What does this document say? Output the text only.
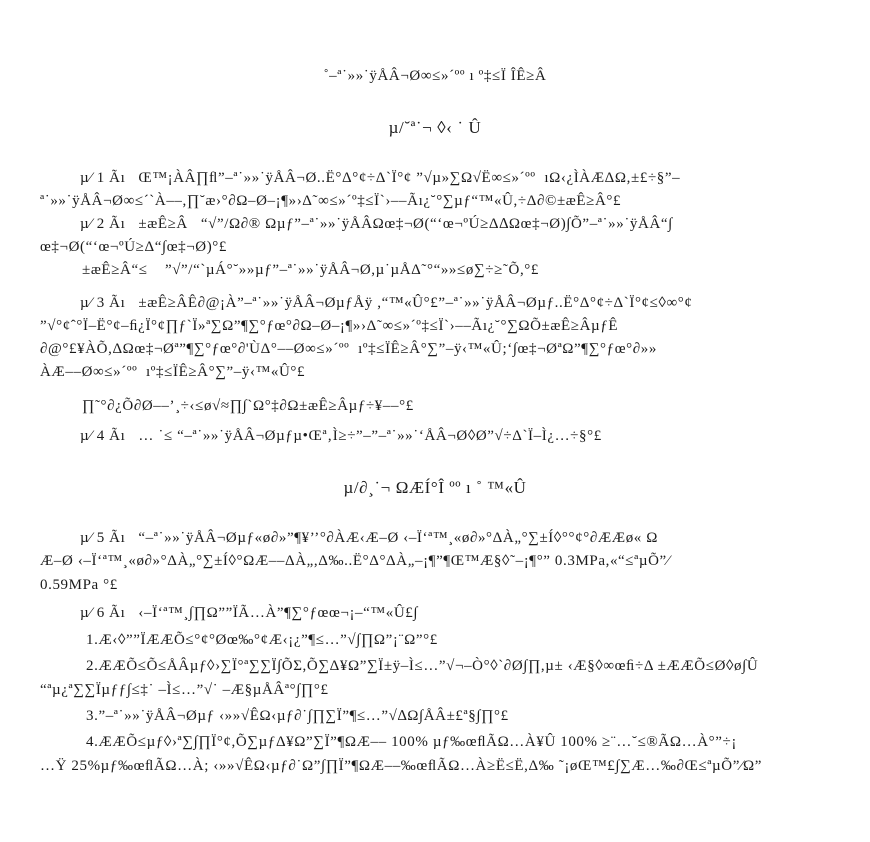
˚–ª˙»»˙ÿÅÂ¬Ø∞≤»´ºº ı º‡≤Ï ÎÊ≥Â
µ/˘ª˙¬ ◊‹ ˙ Û
µ⁄ 1 Ãı   Œ™¡ÀÂ∏ﬂ”–ª˙»»˙ÿÅÂ¬Ø..Ë°Δ°¢÷Δ`Ï°¢ ”√µ»∑Ω√Ë∞≤»´ºº  ıΩ‹¿ÌÀÆΔΩ,±£÷§”–
ª˙»»˙ÿÅÂ¬Ø∞≤´`À––,∏˘æ›°∂Ω–Ø–¡¶»›Δ˜∞≤»´º‡≤Ï`›––Ãı¿˘°∑µƒ“™«Û,÷Δ∂©±æÊ≥Â°£
µ⁄ 2 Ãı   ±æÊ≥Â   “√”/Ω∂® Ωµƒ”–ª˙»»˙ÿÅÂΩœ‡¬Ø(“‘œ¬ºÚ≥Δ∆Ωœ‡¬Ø)∫Õ”–ª˙»»˙ÿÅÂ“∫
œ‡¬Ø(“‘œ¬ºÚ≥Δ“∫œ‡¬Ø)°£
±æÊ≥Â“≤    ”√”/“`µÁ°˘»»µƒ”–ª˙»»˙ÿÅÂ¬Ø,µ˙µÅΔ˜°“»»≤ø∑÷≥˜Õ,°£
µ⁄ 3 Ãı   ±æÊ≥ÂÊ∂@¡À”–ª˙»»˙ÿÅÂ¬ØµƒÅÿ ,“™«Û°£”–ª˙»»˙ÿÅÂ¬Øµƒ..Ë°Δ°¢÷Δ`Ï°¢≤◊∞°¢
”√°¢ˆ°Ï–Ë°¢–ﬁ¿Ï°¢∏ƒ`Ï͏»ª∑Ω”¶∑°ƒœ°∂Ω–Ø–¡¶»›Δ˜∞≤»´º‡≤Ï`›––Ãı¿˘°∑ΩÕ±æÊ≥ÂµƒÊ
∂@°£¥ÀÕ,ΔΩœ‡¬Øª”¶∑°ƒœ°∂'ÙΔ°––Ø∞≤»´ºº  ıº‡≤ÏÊ≥Â°∑”–ÿ‹™«Û;‘∫œ‡¬ØªΩ”¶∑°ƒœ°∂»»
ÀÆ––Ø∞≤»´ºº  ıº‡≤ÏÊ≥Â°∑”–ÿ‹™«Û°£
∏˜°∂¿Õ∂Ø––’¸÷‹≤ø√≈∏∫`Ω°‡∂Ω±æÊ≥Âµƒ÷¥––°£
µ⁄ 4 Ãı   … ˙≤ “–ª˙»»˙ÿÅÂ¬Øµƒµ•Œª‚Ì≥÷”–”–ª˙»»˙‘ÅÂ¬Ø◊Ø”√÷Δ`Ï–Ì¿…÷§°£
µ/∂¸˙¬ ΩÆÍ°Î ºº ı ˚ ™«Û
µ⁄ 5 Ãı   “–ª˙»»˙ÿÅÂ¬Øµƒ«ø∂»”¶¥’’°∂ÀÆ‹Æ–Ø ‹–Ï‘ª™¸«ø∂»°ΔÀ„°∑±Í◊°°¢°∂ÆÆø« Ω
Æ–Ø ‹–Ï‘ª™¸«ø∂»°ΔÀ„°∑±Í◊°ΩÆ––ΔÀ„,Δ‰..Ë°Δ°ΔÀ„–¡¶”¶Œ™Æ§◊˜–¡¶°” 0.3MPa,«“≤ªµÕ”⁄
0.59MPa °£
µ⁄ 6 Ãı   ‹–Ï‘ª™¸∫∏Ω””ÏÃ…À”¶∑°ƒœœ¬¡–“™«Û£∫
1.Æ‹◊””ÏÆÆÕ≤°¢°Øœ‰°¢Æ‹¡¿”¶≤…”√∫∏Ω”¡¨Ω”°£
2.ÆÆÕ≤Õ≤ÅÂµƒ◊›∑Ï°ª∑∑Ï∫ÕΣ,Õ∑Δ¥Ω”∑Ï±ÿ–Ì≤…”√¬–Ò°◊`∂Ø∫∏,µ± ‹Æ§◊∞œﬁ÷Δ ±ÆÆÕ≤Ø◊ø∫Û
“ªµ¿ª∑∑Ïµƒƒ∫≤‡˙ –Ì≤…”√˙ –Æ§µÅÂª°∫∏°£
3.”–ª˙»»˙ÿÅÂ¬Øµƒ ‹»»√ÊΩ‹µƒ∂˙∫∏∑Ï”¶≤…”√∆Ω∫ÅÂ±£ª§∫∏°£
4.ÆÆÕ≤µƒ◊›ª∑∫∏Ï°¢,Õ∑µƒΔ¥Ω”∑Ï”¶ΩÆ–– 100% µƒ‰œﬂÃΩ…À¥Û 100% ≥¨…˘≤®ÃΩ…À°”÷¡
…Ÿ 25%µƒ‰œﬂÃΩ…À; ‹»»√ÊΩ‹µƒ∂˙Ω”∫∏Ï”¶ΩÆ––‰œﬂÃΩ…À≥Ë≤Ë,Δ‰ ˜¡øŒ™£∫∑Æ…‰∂Œ≤ªµÕ”⁄Ω”
